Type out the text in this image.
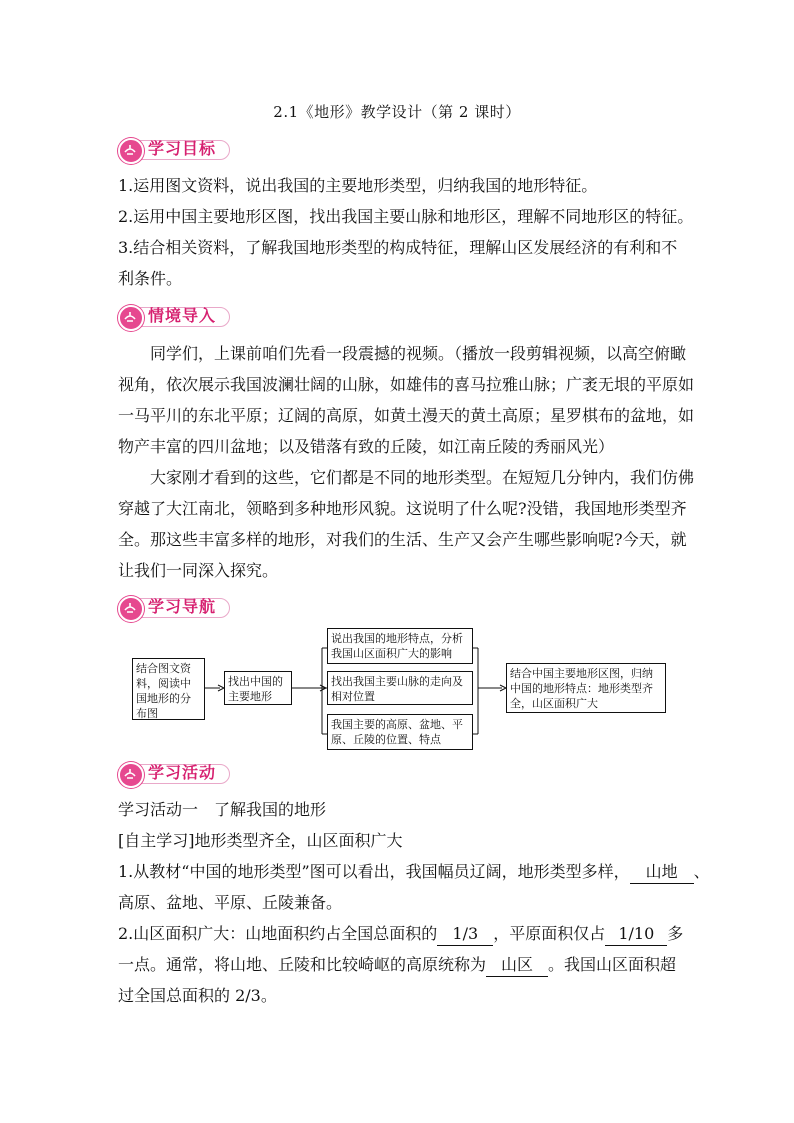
2.1《地形》教学设计（第 2 课时）
学习目标
1.运用图文资料，说出我国的主要地形类型，归纳我国的地形特征。
2.运用中国主要地形区图，找出我国主要山脉和地形区，理解不同地形区的特征。
3.结合相关资料，了解我国地形类型的构成特征，理解山区发展经济的有利和不
利条件。
情境导入
同学们，上课前咱们先看一段震撼的视频。（播放一段剪辑视频，以高空俯瞰
视角，依次展示我国波澜壮阔的山脉，如雄伟的喜马拉雅山脉；广袤无垠的平原如
一马平川的东北平原；辽阔的高原，如黄土漫天的黄土高原；星罗棋布的盆地，如
物产丰富的四川盆地；以及错落有致的丘陵，如江南丘陵的秀丽风光）
大家刚才看到的这些，它们都是不同的地形类型。在短短几分钟内，我们仿佛
穿越了大江南北，领略到多种地形风貌。这说明了什么呢?没错，我国地形类型齐
全。那这些丰富多样的地形，对我们的生活、生产又会产生哪些影响呢?今天，就
让我们一同深入探究。
学习导航
结合图文资料，阅读中国地形的分布图
找出中国的主要地形
说出我国的地形特点，分析我国山区面积广大的影响
找出我国主要山脉的走向及相对位置
我国主要的高原、盆地、平原、丘陵的位置、特点
结合中国主要地形区图，归纳中国的地形特点：地形类型齐全，山区面积广大
学习活动
学习活动一　了解我国的地形
[自主学习]地形类型齐全，山区面积广大
1.从教材“中国的地形类型”图可以看出，我国幅员辽阔，地形类型多样， 山地 、
高原、盆地、平原、丘陵兼备。
2.山区面积广大：山地面积约占全国总面积的 1/3 ，平原面积仅占 1/10 多
一点。通常，将山地、丘陵和比较崎岖的高原统称为 山区 。我国山区面积超
过全国总面积的 2/3。
